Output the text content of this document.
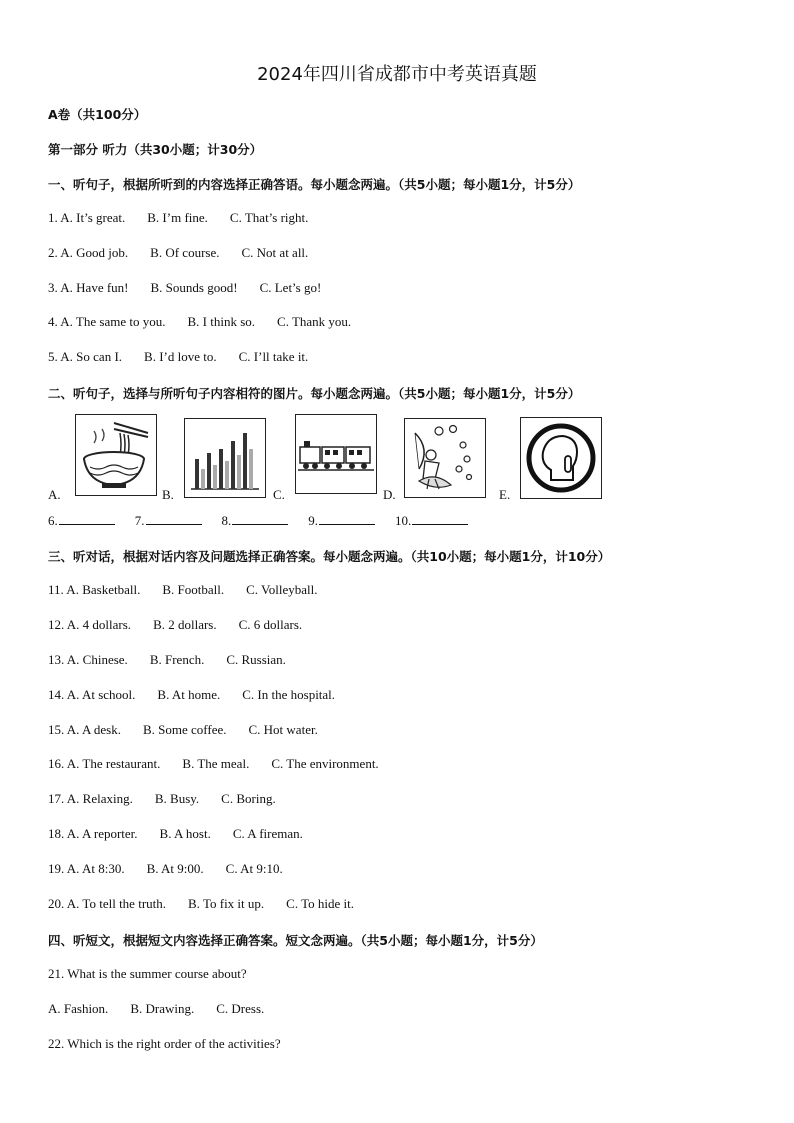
2024年四川省成都市中考英语真题
A卷（共100分）
第一部分 听力（共30小题；计30分）
一、听句子，根据所听到的内容选择正确答语。每小题念两遍。（共5小题；每小题1分，计5分）
1. A. It’s great. B. I’m fine. C. That’s right.
2. A. Good job. B. Of course. C. Not at all.
3. A. Have fun! B. Sounds good! C. Let’s go!
4. A. The same to you. B. I think so. C. Thank you.
5. A. So can I. B. I’d love to. C. I’ll take it.
二、听句子，选择与所听句子内容相符的图片。每小题念两遍。（共5小题；每小题1分，计5分）
A.	B.	C.	D.	E.
6.	7.	8.	9.	10.
三、听对话，根据对话内容及问题选择正确答案。每小题念两遍。（共10小题；每小题1分，计10分）
11. A. Basketball. B. Football. C. Volleyball.
12. A. 4 dollars. B. 2 dollars. C. 6 dollars.
13. A. Chinese. B. French. C. Russian.
14. A. At school. B. At home. C. In the hospital.
15. A. A desk. B. Some coffee. C. Hot water.
16. A. The restaurant. B. The meal. C. The environment.
17. A. Relaxing. B. Busy. C. Boring.
18. A. A reporter. B. A host. C. A fireman.
19. A. At 8:30. B. At 9:00. C. At 9:10.
20. A. To tell the truth. B. To fix it up. C. To hide it.
四、听短文，根据短文内容选择正确答案。短文念两遍。（共5小题；每小题1分，计5分）
21. What is the summer course about?
A. Fashion. B. Drawing. C. Dress.
22. Which is the right order of the activities?
